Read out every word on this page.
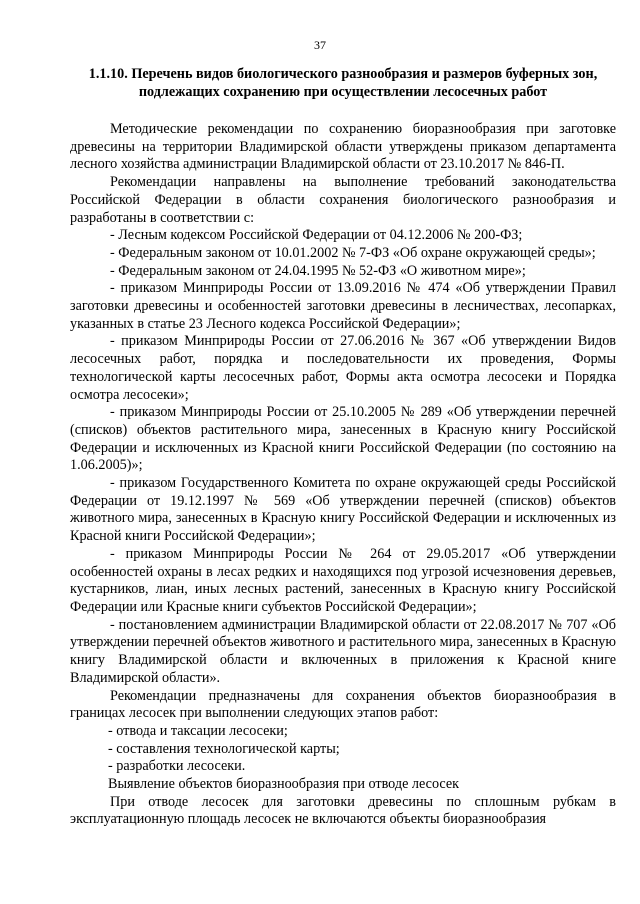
37
1.1.10. Перечень видов биологического разнообразия и размеров буферных зон,
подлежащих сохранению при осуществлении лесосечных работ

Методические рекомендации по сохранению биоразнообразия при заготовке древесины на территории Владимирской области утверждены приказом департамента лесного хозяйства администрации Владимирской области от 23.10.2017 № 846-П.

Рекомендации направлены на выполнение требований законодательства Российской Федерации в области сохранения биологического разнообразия и разработаны в соответствии с:

- Лесным кодексом Российской Федерации от 04.12.2006 № 200-ФЗ;

- Федеральным законом от 10.01.2002 № 7-ФЗ «Об охране окружающей среды»;

- Федеральным законом от 24.04.1995 № 52-ФЗ «О животном мире»;

- приказом Минприроды России от 13.09.2016 № 474 «Об утверждении Правил заготовки древесины и особенностей заготовки древесины в лесничествах, лесопарках, указанных в статье 23 Лесного кодекса Российской Федерации»;

- приказом Минприроды России от 27.06.2016 № 367 «Об утверждении Видов лесосечных работ, порядка и последовательности их проведения, Формы технологической карты лесосечных работ, Формы акта осмотра лесосеки и Порядка осмотра лесосеки»;

- приказом Минприроды России от 25.10.2005 № 289 «Об утверждении перечней (списков) объектов растительного мира, занесенных в Красную книгу Российской Федерации и исключенных из Красной книги Российской Федерации (по состоянию на 1.06.2005)»;

- приказом Государственного Комитета по охране окружающей среды Российской Федерации от 19.12.1997 № 569 «Об утверждении перечней (списков) объектов животного мира, занесенных в Красную книгу Российской Федерации и исключенных из Красной книги Российской Федерации»;

- приказом Минприроды России № 264 от 29.05.2017 «Об утверждении особенностей охраны в лесах редких и находящихся под угрозой исчезновения деревьев, кустарников, лиан, иных лесных растений, занесенных в Красную книгу Российской Федерации или Красные книги субъектов Российской Федерации»;

- постановлением администрации Владимирской области от 22.08.2017 № 707 «Об утверждении перечней объектов животного и растительного мира, занесенных в Красную книгу Владимирской области и включенных в приложения к Красной книге Владимирской области».

Рекомендации предназначены для сохранения объектов биоразнообразия в границах лесосек при выполнении следующих этапов работ:

- отвода и таксации лесосеки;

- составления технологической карты;

- разработки лесосеки.

Выявление объектов биоразнообразия при отводе лесосек

При отводе лесосек для заготовки древесины по сплошным рубкам в эксплуатационную площадь лесосек не включаются объекты биоразнообразия
